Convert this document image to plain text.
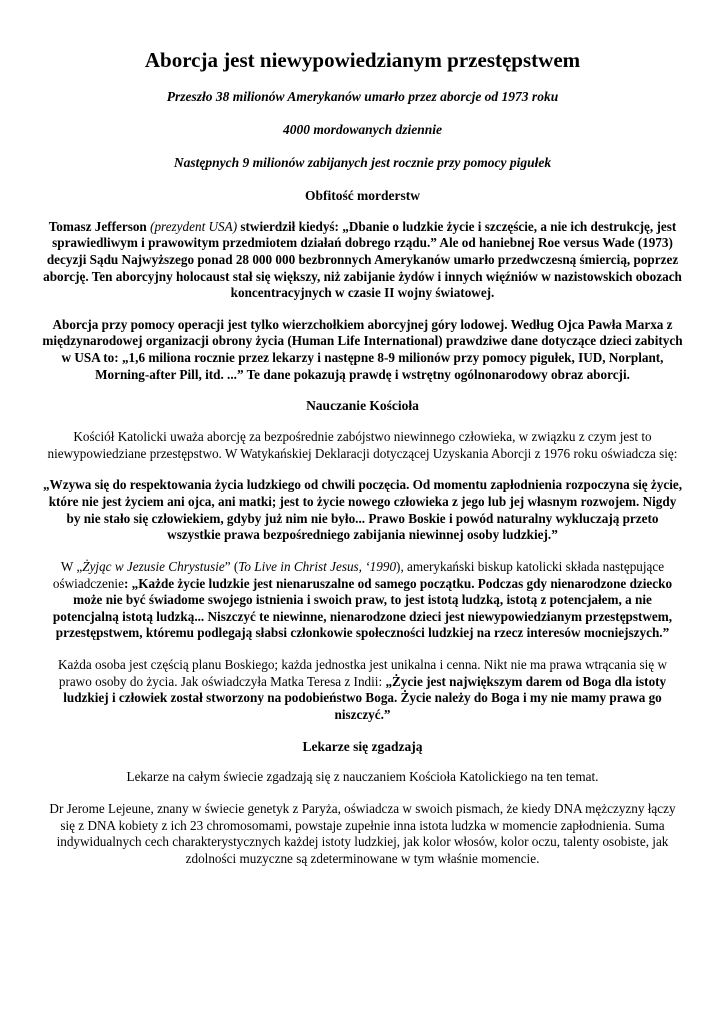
Aborcja jest niewypowiedzianym przestępstwem
Przeszło 38 milionów Amerykanów umarło przez aborcje od 1973 roku
4000 mordowanych dziennie
Następnych 9 milionów zabijanych jest rocznie przy pomocy pigułek
Obfitość morderstw

Tomasz Jefferson (prezydent USA) stwierdził kiedyś: „Dbanie o ludzkie życie i szczęście, a nie ich destrukcję, jest sprawiedliwym i prawowitym przedmiotem działań dobrego rządu.” Ale od haniebnej Roe versus Wade (1973) decyzji Sądu Najwyższego ponad 28 000 000 bezbronnych Amerykanów umarło przedwczesną śmiercią, poprzez aborcję. Ten aborcyjny holocaust stał się większy, niż zabijanie żydów i innych więźniów w nazistowskich obozach koncentracyjnych w czasie II wojny światowej.

Aborcja przy pomocy operacji jest tylko wierzchołkiem aborcyjnej góry lodowej. Według Ojca Pawła Marxa z międzynarodowej organizacji obrony życia (Human Life International) prawdziwe dane dotyczące dzieci zabitych w USA to: „1,6 miliona rocznie przez lekarzy i następne 8-9 milionów przy pomocy pigułek, IUD, Norplant, Morning-after Pill, itd. ...” Te dane pokazują prawdę i wstrętny ogólnonarodowy obraz aborcji.

Nauczanie Kościoła

Kościół Katolicki uważa aborcję za bezpośrednie zabójstwo niewinnego człowieka, w związku z czym jest to niewypowiedziane przestępstwo. W Watykańskiej Deklaracji dotyczącej Uzyskania Aborcji z 1976 roku oświadcza się:

„Wzywa się do respektowania życia ludzkiego od chwili poczęcia. Od momentu zapłodnienia rozpoczyna się życie, które nie jest życiem ani ojca, ani matki; jest to życie nowego człowieka z jego lub jej własnym rozwojem. Nigdy by nie stało się człowiekiem, gdyby już nim nie było... Prawo Boskie i powód naturalny wykluczają przeto wszystkie prawa bezpośredniego zabijania niewinnej osoby ludzkiej.”

W „Żyjąc w Jezusie Chrystusie” (To Live in Christ Jesus, ‘1990), amerykański biskup katolicki składa następujące oświadczenie: „Każde życie ludzkie jest nienaruszalne od samego początku. Podczas gdy nienarodzone dziecko może nie być świadome swojego istnienia i swoich praw, to jest istotą ludzką, istotą z potencjałem, a nie potencjalną istotą ludzką... Niszczyć te niewinne, nienarodzone dzieci jest niewypowiedzianym przestępstwem, przestępstwem, któremu podlegają słabsi członkowie społeczności ludzkiej na rzecz interesów mocniejszych.”

Każda osoba jest częścią planu Boskiego; każda jednostka jest unikalna i cenna. Nikt nie ma prawa wtrącania się w prawo osoby do życia. Jak oświadczyła Matka Teresa z Indii: „Życie jest największym darem od Boga dla istoty ludzkiej i człowiek został stworzony na podobieństwo Boga. Życie należy do Boga i my nie mamy prawa go niszczyć.”

Lekarze się zgadzają

Lekarze na całym świecie zgadzają się z nauczaniem Kościoła Katolickiego na ten temat.

Dr Jerome Lejeune, znany w świecie genetyk z Paryża, oświadcza w swoich pismach, że kiedy DNA mężczyzny łączy się z DNA kobiety z ich 23 chromosomami, powstaje zupełnie inna istota ludzka w momencie zapłodnienia. Suma indywidualnych cech charakterystycznych każdej istoty ludzkiej, jak kolor włosów, kolor oczu, talenty osobiste, jak zdolności muzyczne są zdeterminowane w tym właśnie momencie.
